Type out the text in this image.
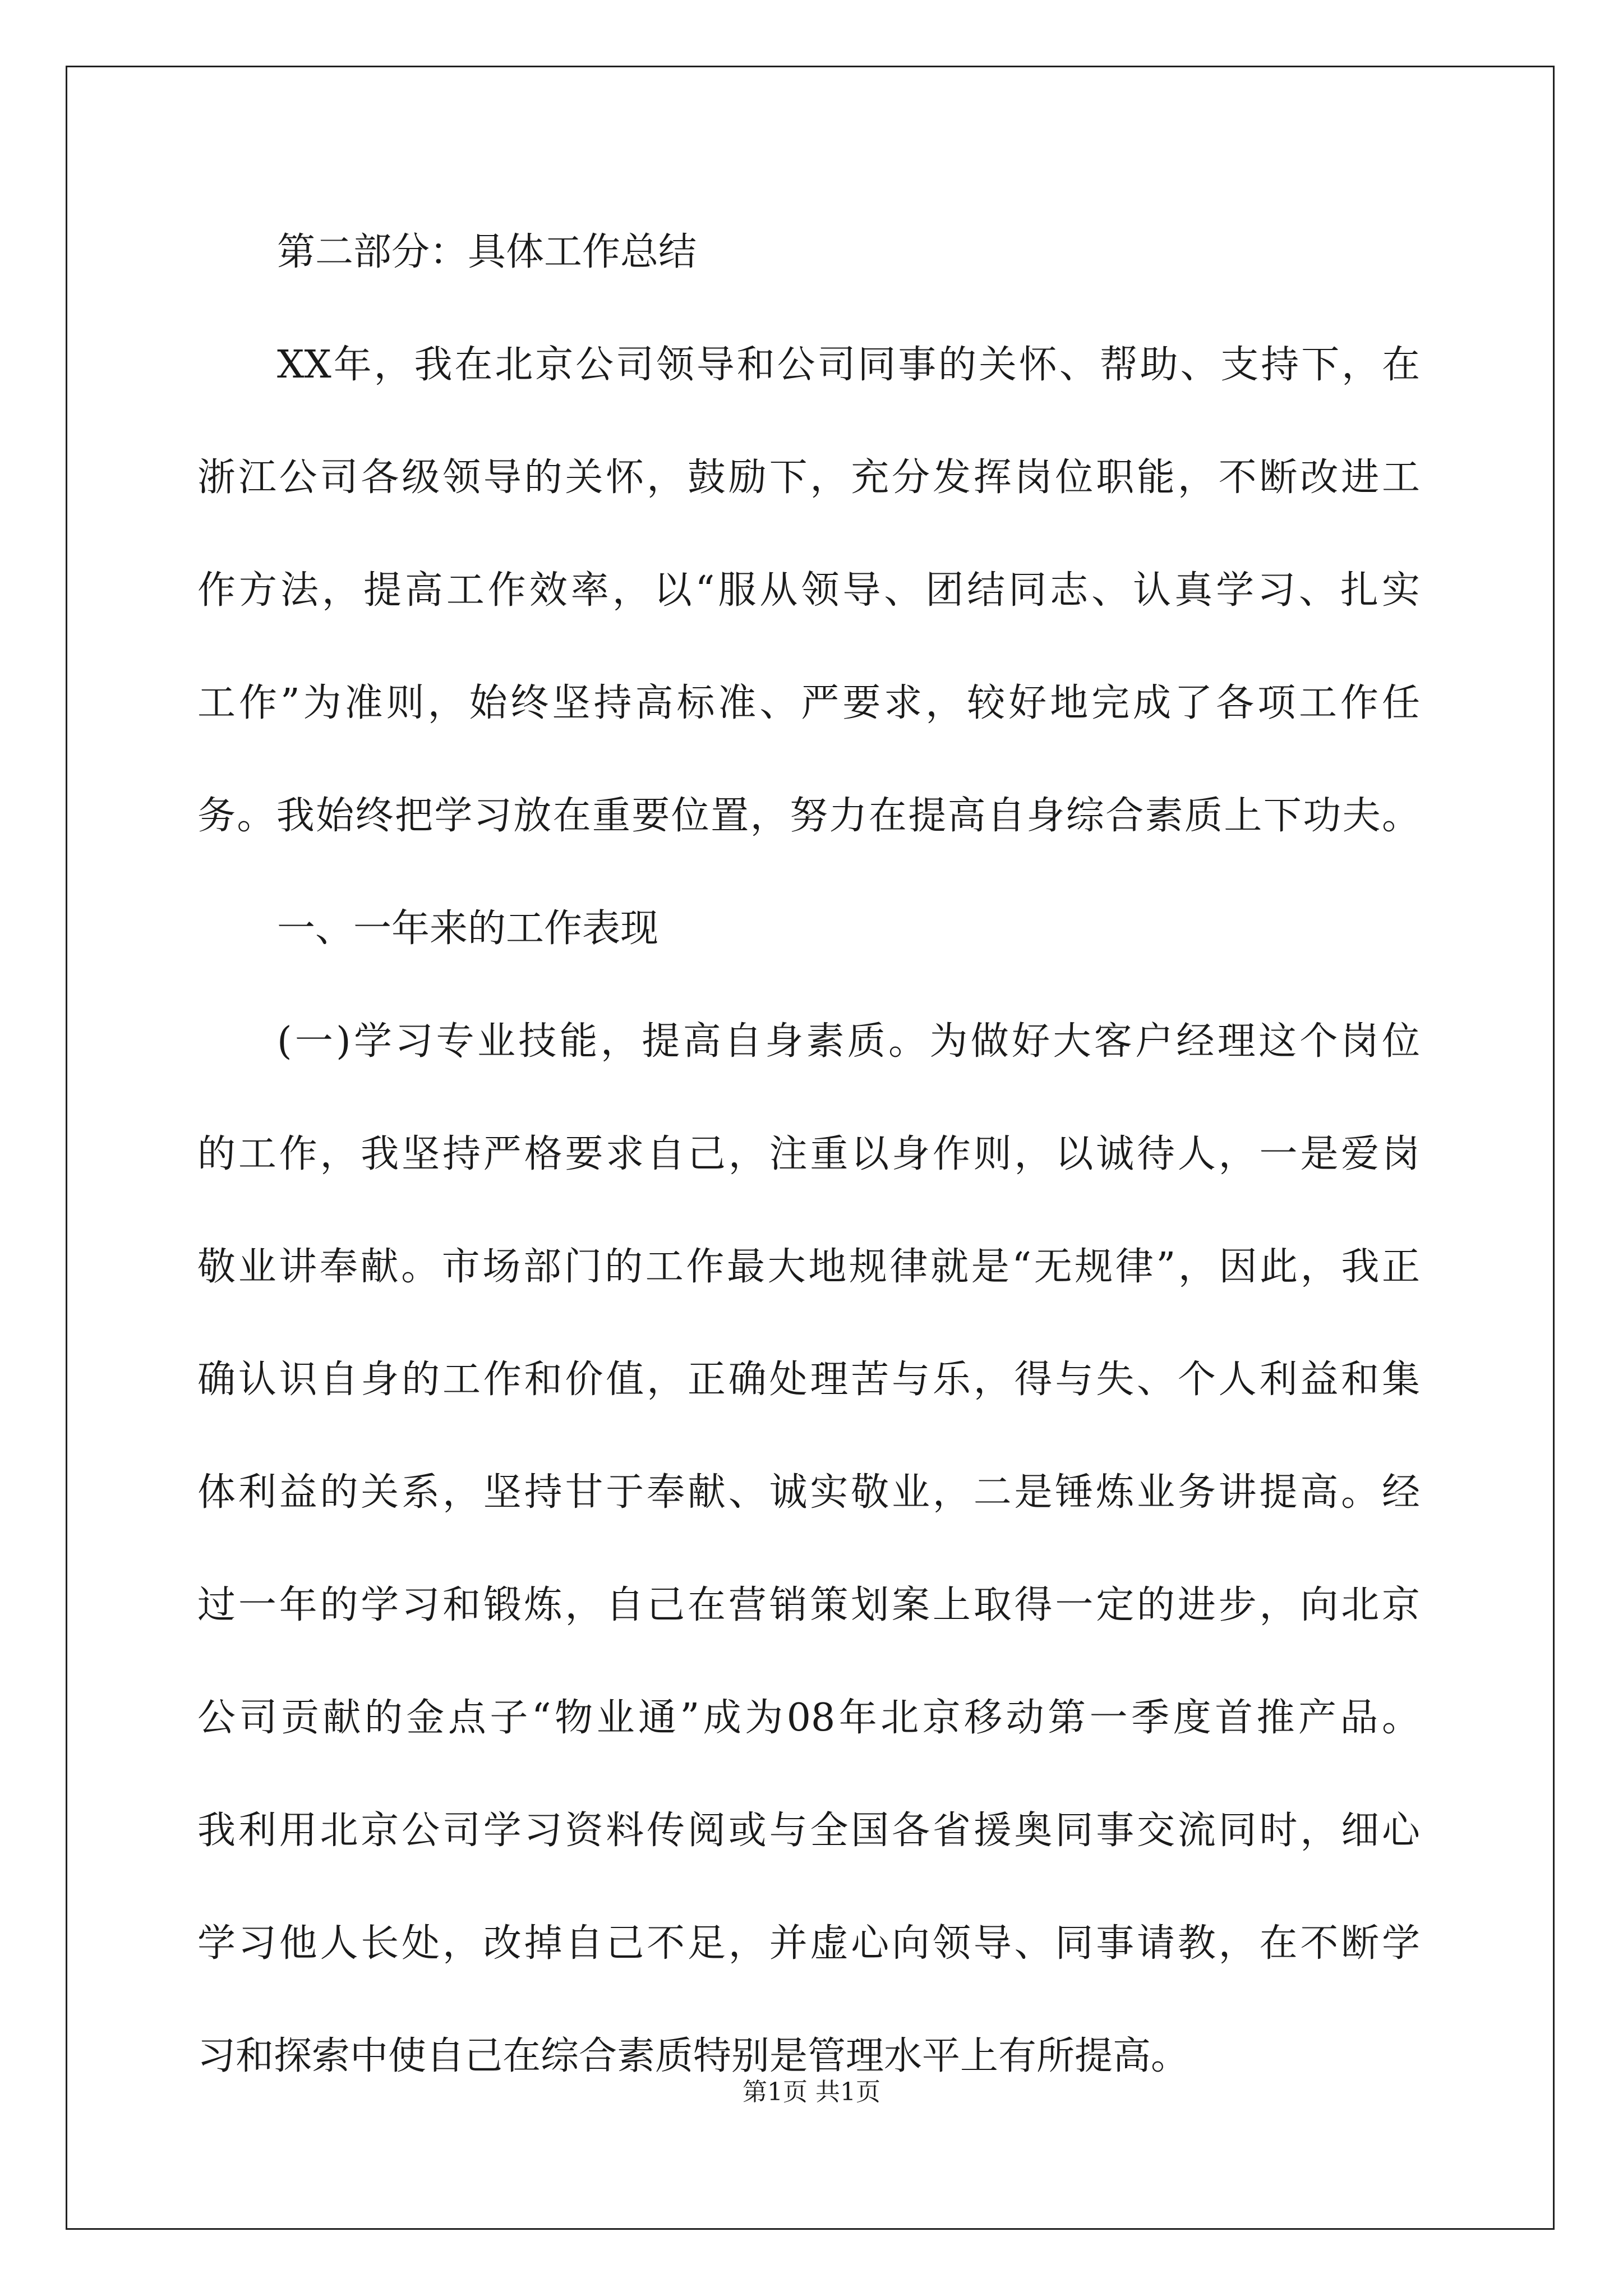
第二部分：具体工作总结
XX年，我在北京公司领导和公司同事的关怀、帮助、支持下，在
浙江公司各级领导的关怀，鼓励下，充分发挥岗位职能，不断改进工
作方法，提高工作效率，以“服从领导、团结同志、认真学习、扎实
工作”为准则，始终坚持高标准、严要求，较好地完成了各项工作任
务。我始终把学习放在重要位置，努力在提高自身综合素质上下功夫。
一、一年来的工作表现
(一)学习专业技能，提高自身素质。为做好大客户经理这个岗位
的工作，我坚持严格要求自己，注重以身作则，以诚待人，一是爱岗
敬业讲奉献。市场部门的工作最大地规律就是“无规律”，因此，我正
确认识自身的工作和价值，正确处理苦与乐，得与失、个人利益和集
体利益的关系，坚持甘于奉献、诚实敬业，二是锤炼业务讲提高。经
过一年的学习和锻炼，自己在营销策划案上取得一定的进步，向北京
公司贡献的金点子“物业通”成为08年北京移动第一季度首推产品。
我利用北京公司学习资料传阅或与全国各省援奥同事交流同时，细心
学习他人长处，改掉自己不足，并虚心向领导、同事请教，在不断学
习和探索中使自己在综合素质特别是管理水平上有所提高。
第1页 共1页
